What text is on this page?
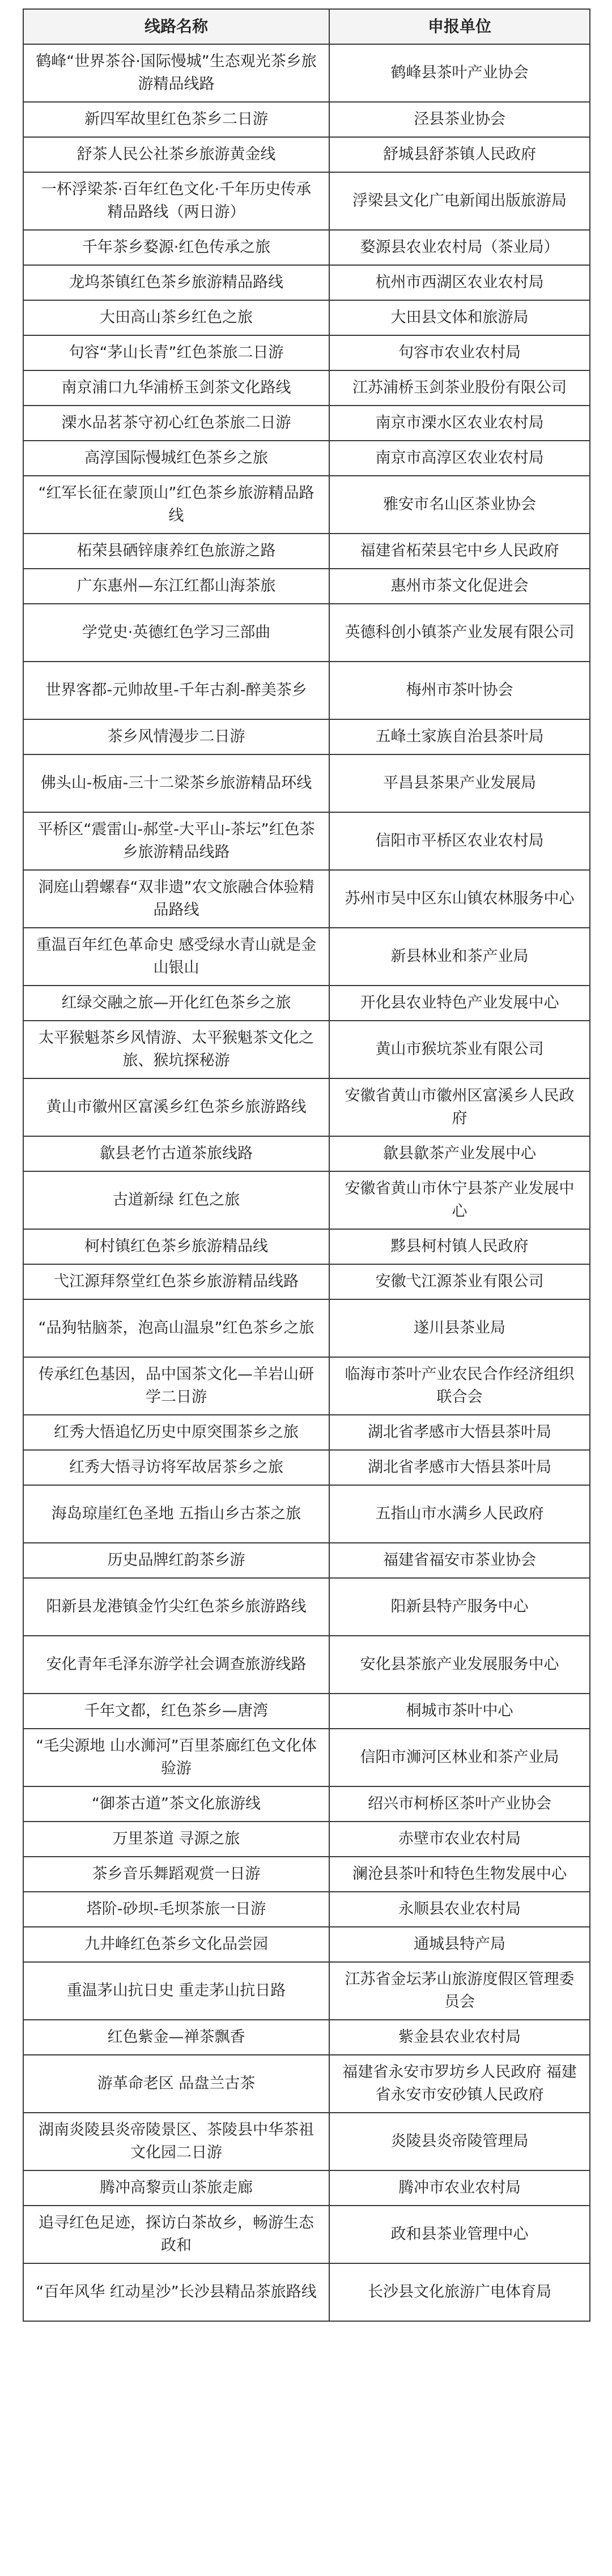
线路名称	申报单位
鹤峰“世界茶谷·国际慢城”生态观光茶乡旅游精品线路	鹤峰县茶叶产业协会
新四军故里红色茶乡二日游	泾县茶业协会
舒茶人民公社茶乡旅游黄金线	舒城县舒茶镇人民政府
一杯浮梁茶·百年红色文化·千年历史传承精品路线（两日游）	浮梁县文化广电新闻出版旅游局
千年茶乡婺源·红色传承之旅	婺源县农业农村局（茶业局）
龙坞茶镇红色茶乡旅游精品路线	杭州市西湖区农业农村局
大田高山茶乡红色之旅	大田县文体和旅游局
句容“茅山长青”红色茶旅二日游	句容市农业农村局
南京浦口九华浦桥玉剑茶文化路线	江苏浦桥玉剑茶业股份有限公司
溧水品茗茶守初心红色茶旅二日游	南京市溧水区农业农村局
高淳国际慢城红色茶乡之旅	南京市高淳区农业农村局
“红军长征在蒙顶山”红色茶乡旅游精品路线	雅安市名山区茶业协会
柘荣县硒锌康养红色旅游之路	福建省柘荣县宅中乡人民政府
广东惠州—东江红都山海茶旅	惠州市茶文化促进会
学党史·英德红色学习三部曲	英德科创小镇茶产业发展有限公司
世界客都-元帅故里-千年古刹-醉美茶乡	梅州市茶叶协会
茶乡风情漫步二日游	五峰土家族自治县茶叶局
佛头山-板庙-三十二梁茶乡旅游精品环线	平昌县茶果产业发展局
平桥区“震雷山-郝堂-大平山-茶坛”红色茶乡旅游精品线路	信阳市平桥区农业农村局
洞庭山碧螺春“双非遗”农文旅融合体验精品路线	苏州市吴中区东山镇农林服务中心
重温百年红色革命史 感受绿水青山就是金山银山	新县林业和茶产业局
红绿交融之旅—开化红色茶乡之旅	开化县农业特色产业发展中心
太平猴魁茶乡风情游、太平猴魁茶文化之旅、猴坑探秘游	黄山市猴坑茶业有限公司
黄山市徽州区富溪乡红色茶乡旅游路线	安徽省黄山市徽州区富溪乡人民政府
歙县老竹古道茶旅线路	歙县歙茶产业发展中心
古道新绿 红色之旅	安徽省黄山市休宁县茶产业发展中心
柯村镇红色茶乡旅游精品线	黟县柯村镇人民政府
弋江源拜祭堂红色茶乡旅游精品线路	安徽弋江源茶业有限公司
“品狗牯脑茶，泡高山温泉”红色茶乡之旅	遂川县茶业局
传承红色基因，品中国茶文化—羊岩山研学二日游	临海市茶叶产业农民合作经济组织联合会
红秀大悟追忆历史中原突围茶乡之旅	湖北省孝感市大悟县茶叶局
红秀大悟寻访将军故居茶乡之旅	湖北省孝感市大悟县茶叶局
海岛琼崖红色圣地 五指山乡古茶之旅	五指山市水满乡人民政府
历史品牌红韵茶乡游	福建省福安市茶业协会
阳新县龙港镇金竹尖红色茶乡旅游路线	阳新县特产服务中心
安化青年毛泽东游学社会调查旅游线路	安化县茶旅产业发展服务中心
千年文都，红色茶乡—唐湾	桐城市茶叶中心
“毛尖源地 山水浉河”百里茶廊红色文化体验游	信阳市浉河区林业和茶产业局
“御茶古道”茶文化旅游线	绍兴市柯桥区茶叶产业协会
万里茶道 寻源之旅	赤壁市农业农村局
茶乡音乐舞蹈观赏一日游	澜沧县茶叶和特色生物发展中心
塔阶-砂坝-毛坝茶旅一日游	永顺县农业农村局
九井峰红色茶乡文化品尝园	通城县特产局
重温茅山抗日史 重走茅山抗日路	江苏省金坛茅山旅游度假区管理委员会
红色紫金—禅茶飘香	紫金县农业农村局
游革命老区 品盘兰古茶	福建省永安市罗坊乡人民政府 福建省永安市安砂镇人民政府
湖南炎陵县炎帝陵景区、茶陵县中华茶祖文化园二日游	炎陵县炎帝陵管理局
腾冲高黎贡山茶旅走廊	腾冲市农业农村局
追寻红色足迹，探访白茶故乡，畅游生态政和	政和县茶业管理中心
“百年风华 红动星沙”长沙县精品茶旅路线	长沙县文化旅游广电体育局
